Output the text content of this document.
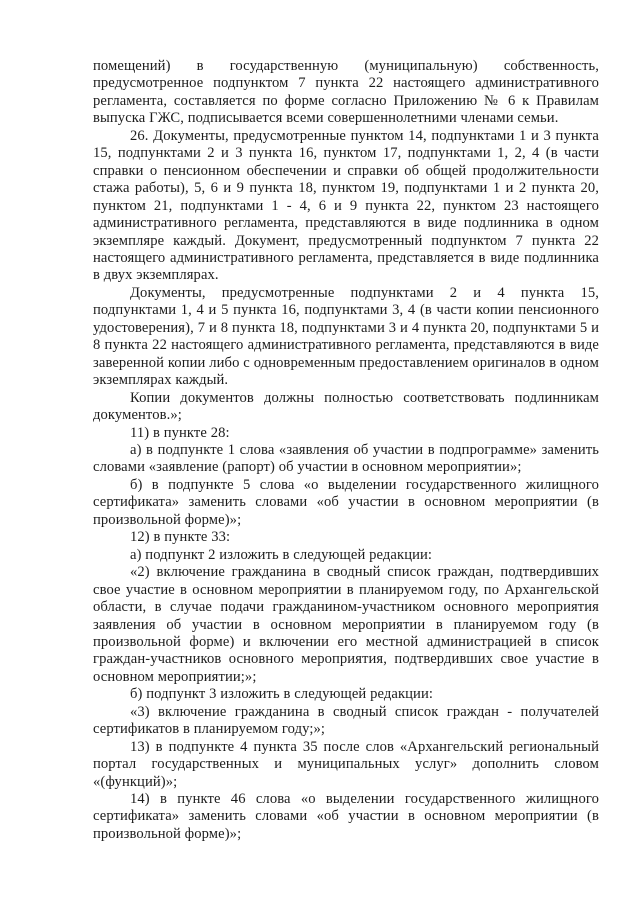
помещений) в государственную (муниципальную) собственность, предусмотренное подпунктом 7 пункта 22 настоящего административного регламента, составляется по форме согласно Приложению № 6 к Правилам выпуска ГЖС, подписывается всеми совершеннолетними членами семьи.

26. Документы, предусмотренные пунктом 14, подпунктами 1 и 3 пункта 15, подпунктами 2 и 3 пункта 16, пунктом 17, подпунктами 1, 2, 4 (в части справки о пенсионном обеспечении и справки об общей продолжительности стажа работы), 5, 6 и 9 пункта 18, пунктом 19, подпунктами 1 и 2 пункта 20, пунктом 21, подпунктами 1 - 4, 6 и 9 пункта 22, пунктом 23 настоящего административного регламента, представляются в виде подлинника в одном экземпляре каждый. Документ, предусмотренный подпунктом 7 пункта 22 настоящего административного регламента, представляется в виде подлинника в двух экземплярах.

Документы, предусмотренные подпунктами 2 и 4 пункта 15, подпунктами 1, 4 и 5 пункта 16, подпунктами 3, 4 (в части копии пенсионного удостоверения), 7 и 8 пункта 18, подпунктами 3 и 4 пункта 20, подпунктами 5 и 8 пункта 22 настоящего административного регламента, представляются в виде заверенной копии либо с одновременным предоставлением оригиналов в одном экземплярах каждый.

Копии документов должны полностью соответствовать подлинникам документов.»;

11) в пункте 28:

а) в подпункте 1 слова «заявления об участии в подпрограмме» заменить словами «заявление (рапорт) об участии в основном мероприятии»;

б) в подпункте 5 слова «о выделении государственного жилищного сертификата» заменить словами «об участии в основном мероприятии (в произвольной форме)»;

12) в пункте 33:

а) подпункт 2 изложить в следующей редакции:

«2) включение гражданина в сводный список граждан, подтвердивших свое участие в основном мероприятии в планируемом году, по Архангельской области, в случае подачи гражданином-участником основного мероприятия заявления об участии в основном мероприятии в планируемом году (в произвольной форме) и включении его местной администрацией в список граждан-участников основного мероприятия, подтвердивших свое участие в основном мероприятии;»;

б) подпункт 3 изложить в следующей редакции:

«3) включение гражданина в сводный список граждан - получателей сертификатов в планируемом году;»;

13) в подпункте 4 пункта 35 после слов «Архангельский региональный портал государственных и муниципальных услуг» дополнить словом «(функций)»;

14) в пункте 46 слова «о выделении государственного жилищного сертификата» заменить словами «об участии в основном мероприятии (в произвольной форме)»;
